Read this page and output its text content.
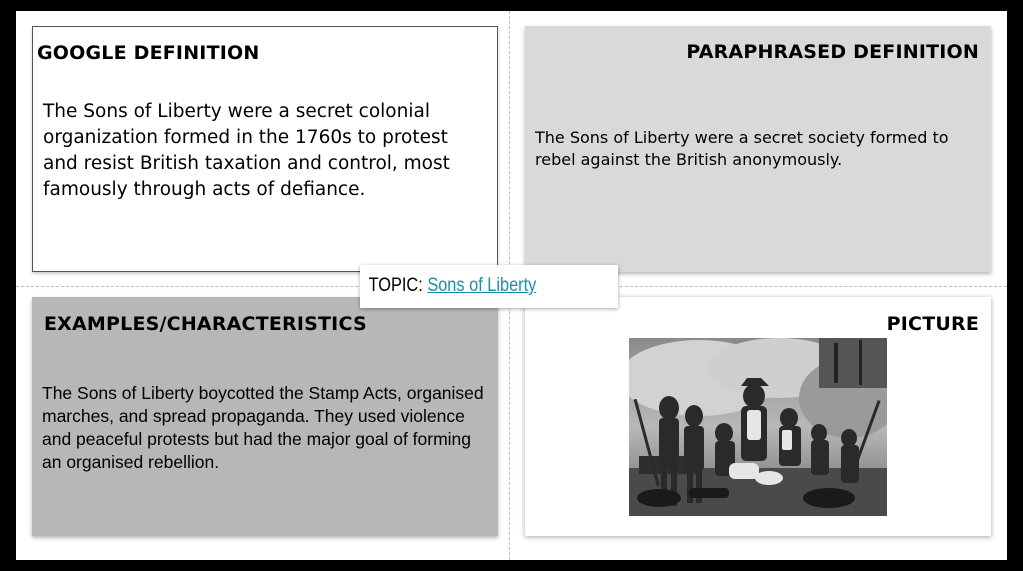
GOOGLE DEFINITION

The Sons of Liberty were a secret colonial organization formed in the 1760s to protest and resist British taxation and control, most famously through acts of defiance.

PARAPHRASED DEFINITION

The Sons of Liberty were a secret society formed to rebel against the British anonymously.

EXAMPLES/CHARACTERISTICS

The Sons of Liberty boycotted the Stamp Acts, organised marches, and spread propaganda. They used violence and peaceful protests but had the major goal of forming an organised rebellion.

PICTURE
TOPIC: Sons of Liberty
